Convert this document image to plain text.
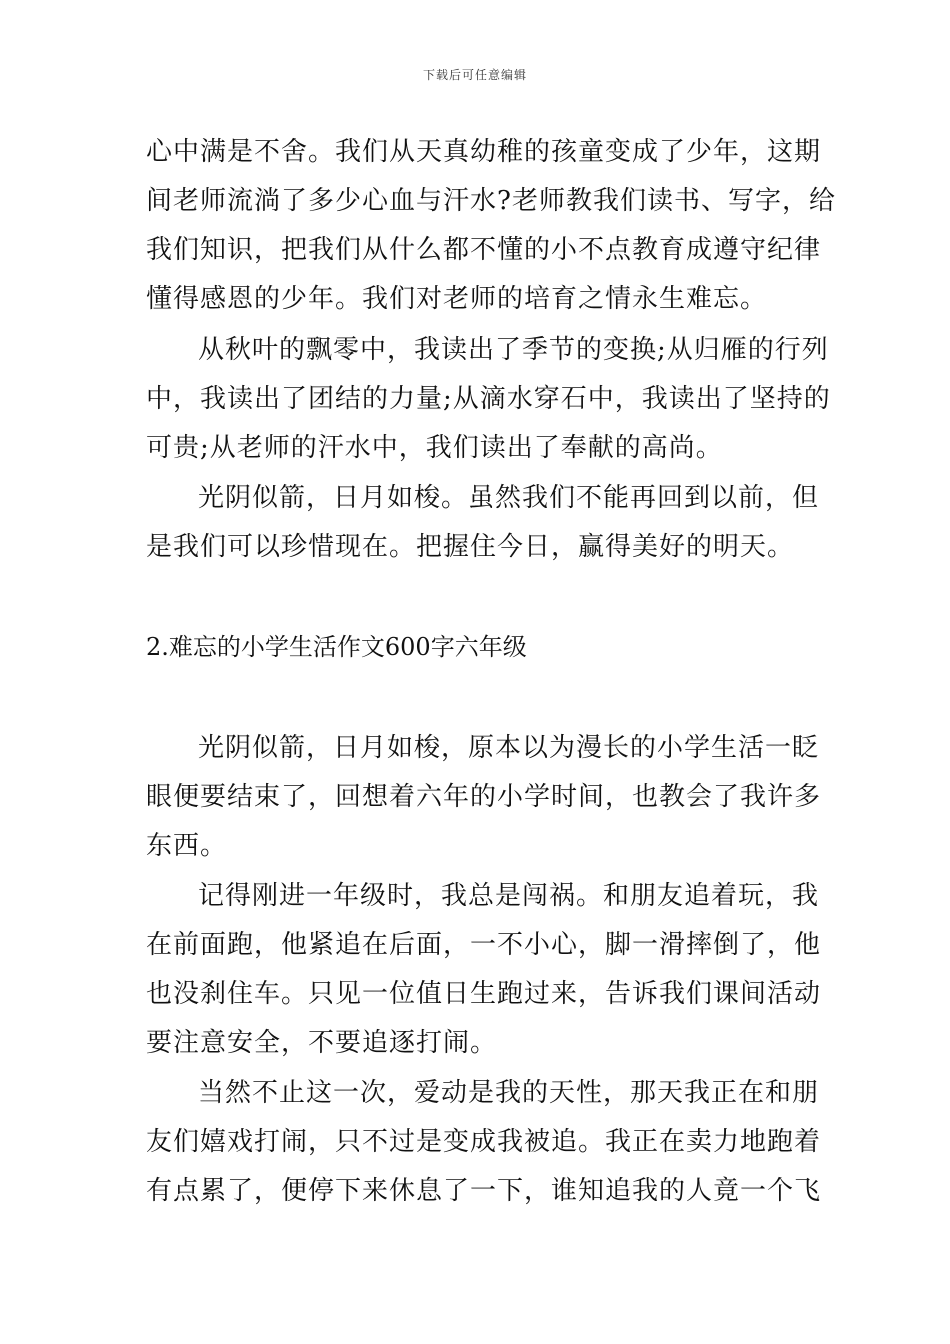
下载后可任意编辑
心中满是不舍。我们从天真幼稚的孩童变成了少年，这期
间老师流淌了多少心血与汗水?老师教我们读书、写字，给
我们知识，把我们从什么都不懂的小不点教育成遵守纪律
懂得感恩的少年。我们对老师的培育之情永生难忘。
从秋叶的飘零中，我读出了季节的变换;从归雁的行列
中，我读出了团结的力量;从滴水穿石中，我读出了坚持的
可贵;从老师的汗水中，我们读出了奉献的高尚。
光阴似箭，日月如梭。虽然我们不能再回到以前，但
是我们可以珍惜现在。把握住今日，赢得美好的明天。
2.难忘的小学生活作文600字六年级
光阴似箭，日月如梭，原本以为漫长的小学生活一眨
眼便要结束了，回想着六年的小学时间，也教会了我许多
东西。
记得刚进一年级时，我总是闯祸。和朋友追着玩，我
在前面跑，他紧追在后面，一不小心，脚一滑摔倒了，他
也没刹住车。只见一位值日生跑过来，告诉我们课间活动
要注意安全，不要追逐打闹。
当然不止这一次，爱动是我的天性，那天我正在和朋
友们嬉戏打闹，只不过是变成我被追。我正在卖力地跑着
有点累了，便停下来休息了一下，谁知追我的人竟一个飞
